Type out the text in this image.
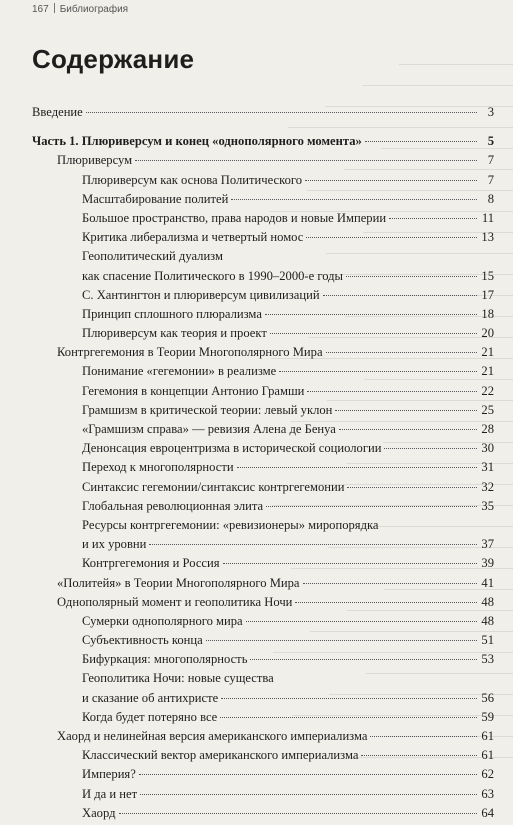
167 Библиография
Содержание
Введение	3
Часть 1. Плюриверсум и конец «однополярного момента»	5
Плюриверсум	7
Плюриверсум как основа Политического	7
Масштабирование политей	8
Большое пространство, права народов и новые Империи	11
Критика либерализма и четвертый номос	13
Геополитический дуализм
как спасение Политического в 1990–2000-е годы	15
С. Хантингтон и плюриверсум цивилизаций	17
Принцип сплошного плюрализма	18
Плюриверсум как теория и проект	20
Контргегемония в Теории Многополярного Мира	21
Понимание «гегемонии» в реализме	21
Гегемония в концепции Антонио Грамши	22
Грамшизм в критической теории: левый уклон	25
«Грамшизм справа» — ревизия Алена де Бенуа	28
Денонсация евроцентризма в исторической социологии	30
Переход к многополярности	31
Синтаксис гегемонии/синтаксис контргегемонии	32
Глобальная революционная элита	35
Ресурсы контргегемонии: «ревизионеры» миропорядка
и их уровни	37
Контргегемония и Россия	39
«Политейя» в Теории Многополярного Мира	41
Однополярный момент и геополитика Ночи	48
Сумерки однополярного мира	48
Субъективность конца	51
Бифуркация: многополярность	53
Геополитика Ночи: новые существа
и сказание об антихристе	56
Когда будет потеряно все	59
Хаорд и нелинейная версия американского империализма	61
Классический вектор американского империализма	61
Империя?	62
И да и нет	63
Хаорд	64
